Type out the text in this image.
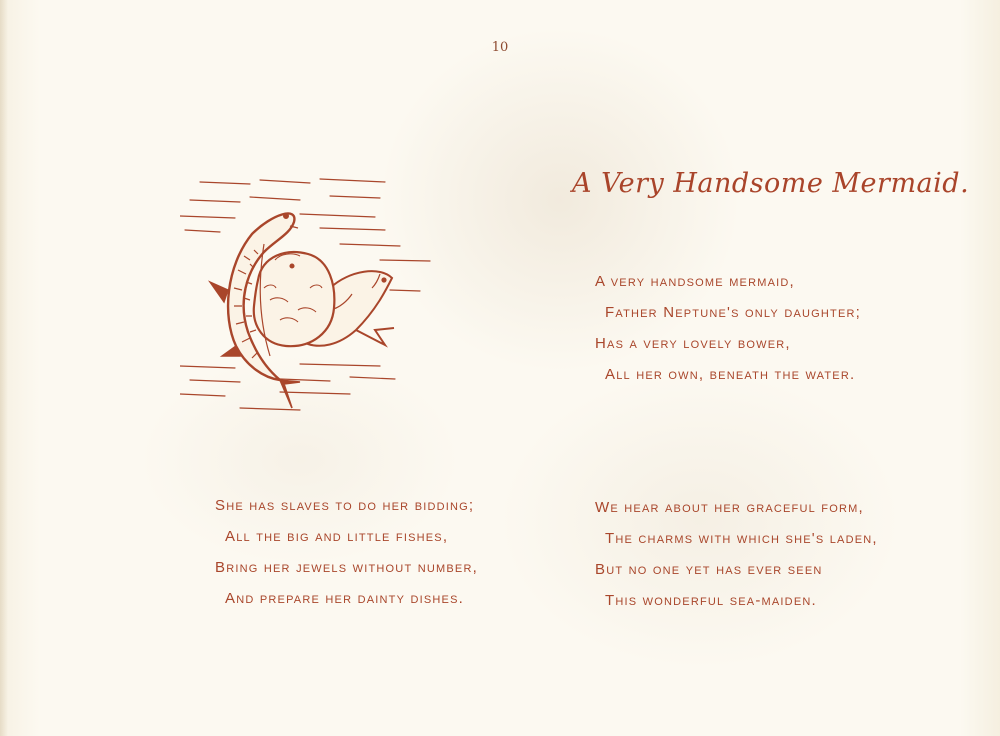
10
A Very Handsome Mermaid.
A very handsome mermaid,
Father Neptune's only daughter;
Has a very lovely bower,
All her own, beneath the water.
She has slaves to do her bidding;
All the big and little fishes,
Bring her jewels without number,
And prepare her dainty dishes.
We hear about her graceful form,
The charms with which she's laden,
But no one yet has ever seen
This wonderful sea-maiden.
